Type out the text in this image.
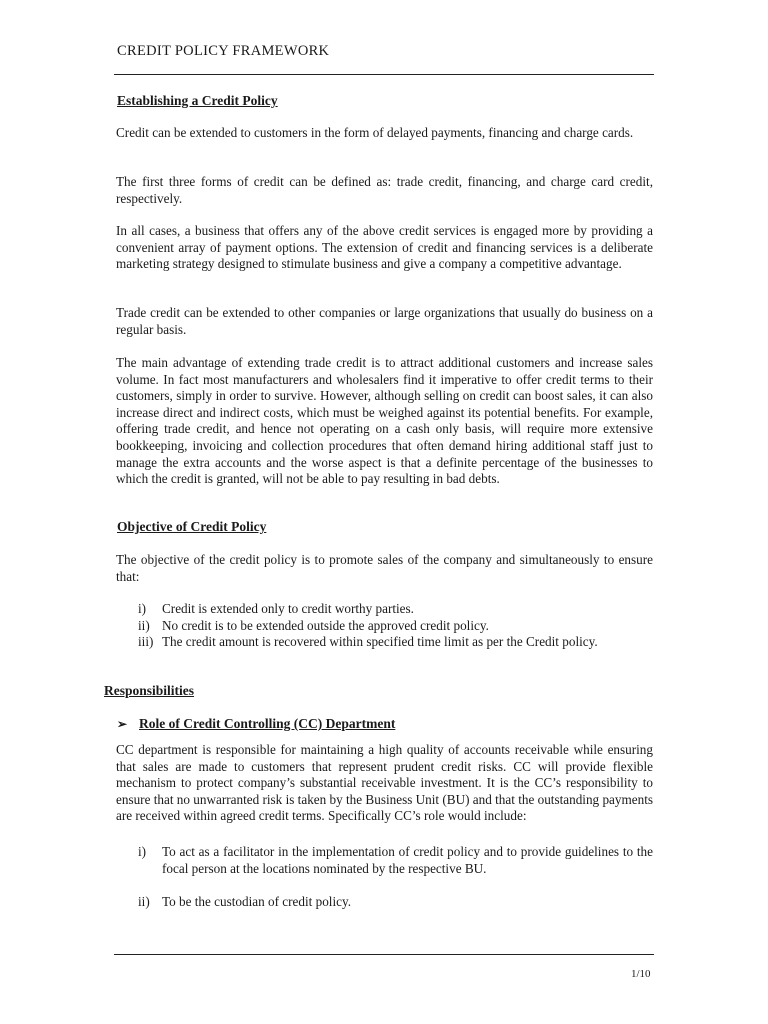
CREDIT POLICY FRAMEWORK
Establishing a Credit Policy

Credit can be extended to customers in the form of delayed payments, financing and charge cards.

The first three forms of credit can be defined as: trade credit, financing, and charge card credit, respectively.

In all cases, a business that offers any of the above credit services is engaged more by providing a convenient array of payment options. The extension of credit and financing services is a deliberate marketing strategy designed to stimulate business and give a company a competitive advantage.

Trade credit can be extended to other companies or large organizations that usually do business on a regular basis.

The main advantage of extending trade credit is to attract additional customers and increase sales volume. In fact most manufacturers and wholesalers find it imperative to offer credit terms to their customers, simply in order to survive. However, although selling on credit can boost sales, it can also increase direct and indirect costs, which must be weighed against its potential benefits. For example, offering trade credit, and hence not operating on a cash only basis, will require more extensive bookkeeping, invoicing and collection procedures that often demand hiring additional staff just to manage the extra accounts and the worse aspect is that a definite percentage of the businesses to which the credit is granted, will not be able to pay resulting in bad debts.

Objective of Credit Policy

The objective of the credit policy is to promote sales of the company and simultaneously to ensure that:

i) Credit is extended only to credit worthy parties.
ii) No credit is to be extended outside the approved credit policy.
iii) The credit amount is recovered within specified time limit as per the Credit policy.
Responsibilities
➢ Role of Credit Controlling (CC) Department

CC department is responsible for maintaining a high quality of accounts receivable while ensuring that sales are made to customers that represent prudent credit risks. CC will provide flexible mechanism to protect company’s substantial receivable investment. It is the CC’s responsibility to ensure that no unwarranted risk is taken by the Business Unit (BU) and that the outstanding payments are received within agreed credit terms. Specifically CC’s role would include:

i) To act as a facilitator in the implementation of credit policy and to provide guidelines to the focal person at the locations nominated by the respective BU.
ii) To be the custodian of credit policy.
1/10
